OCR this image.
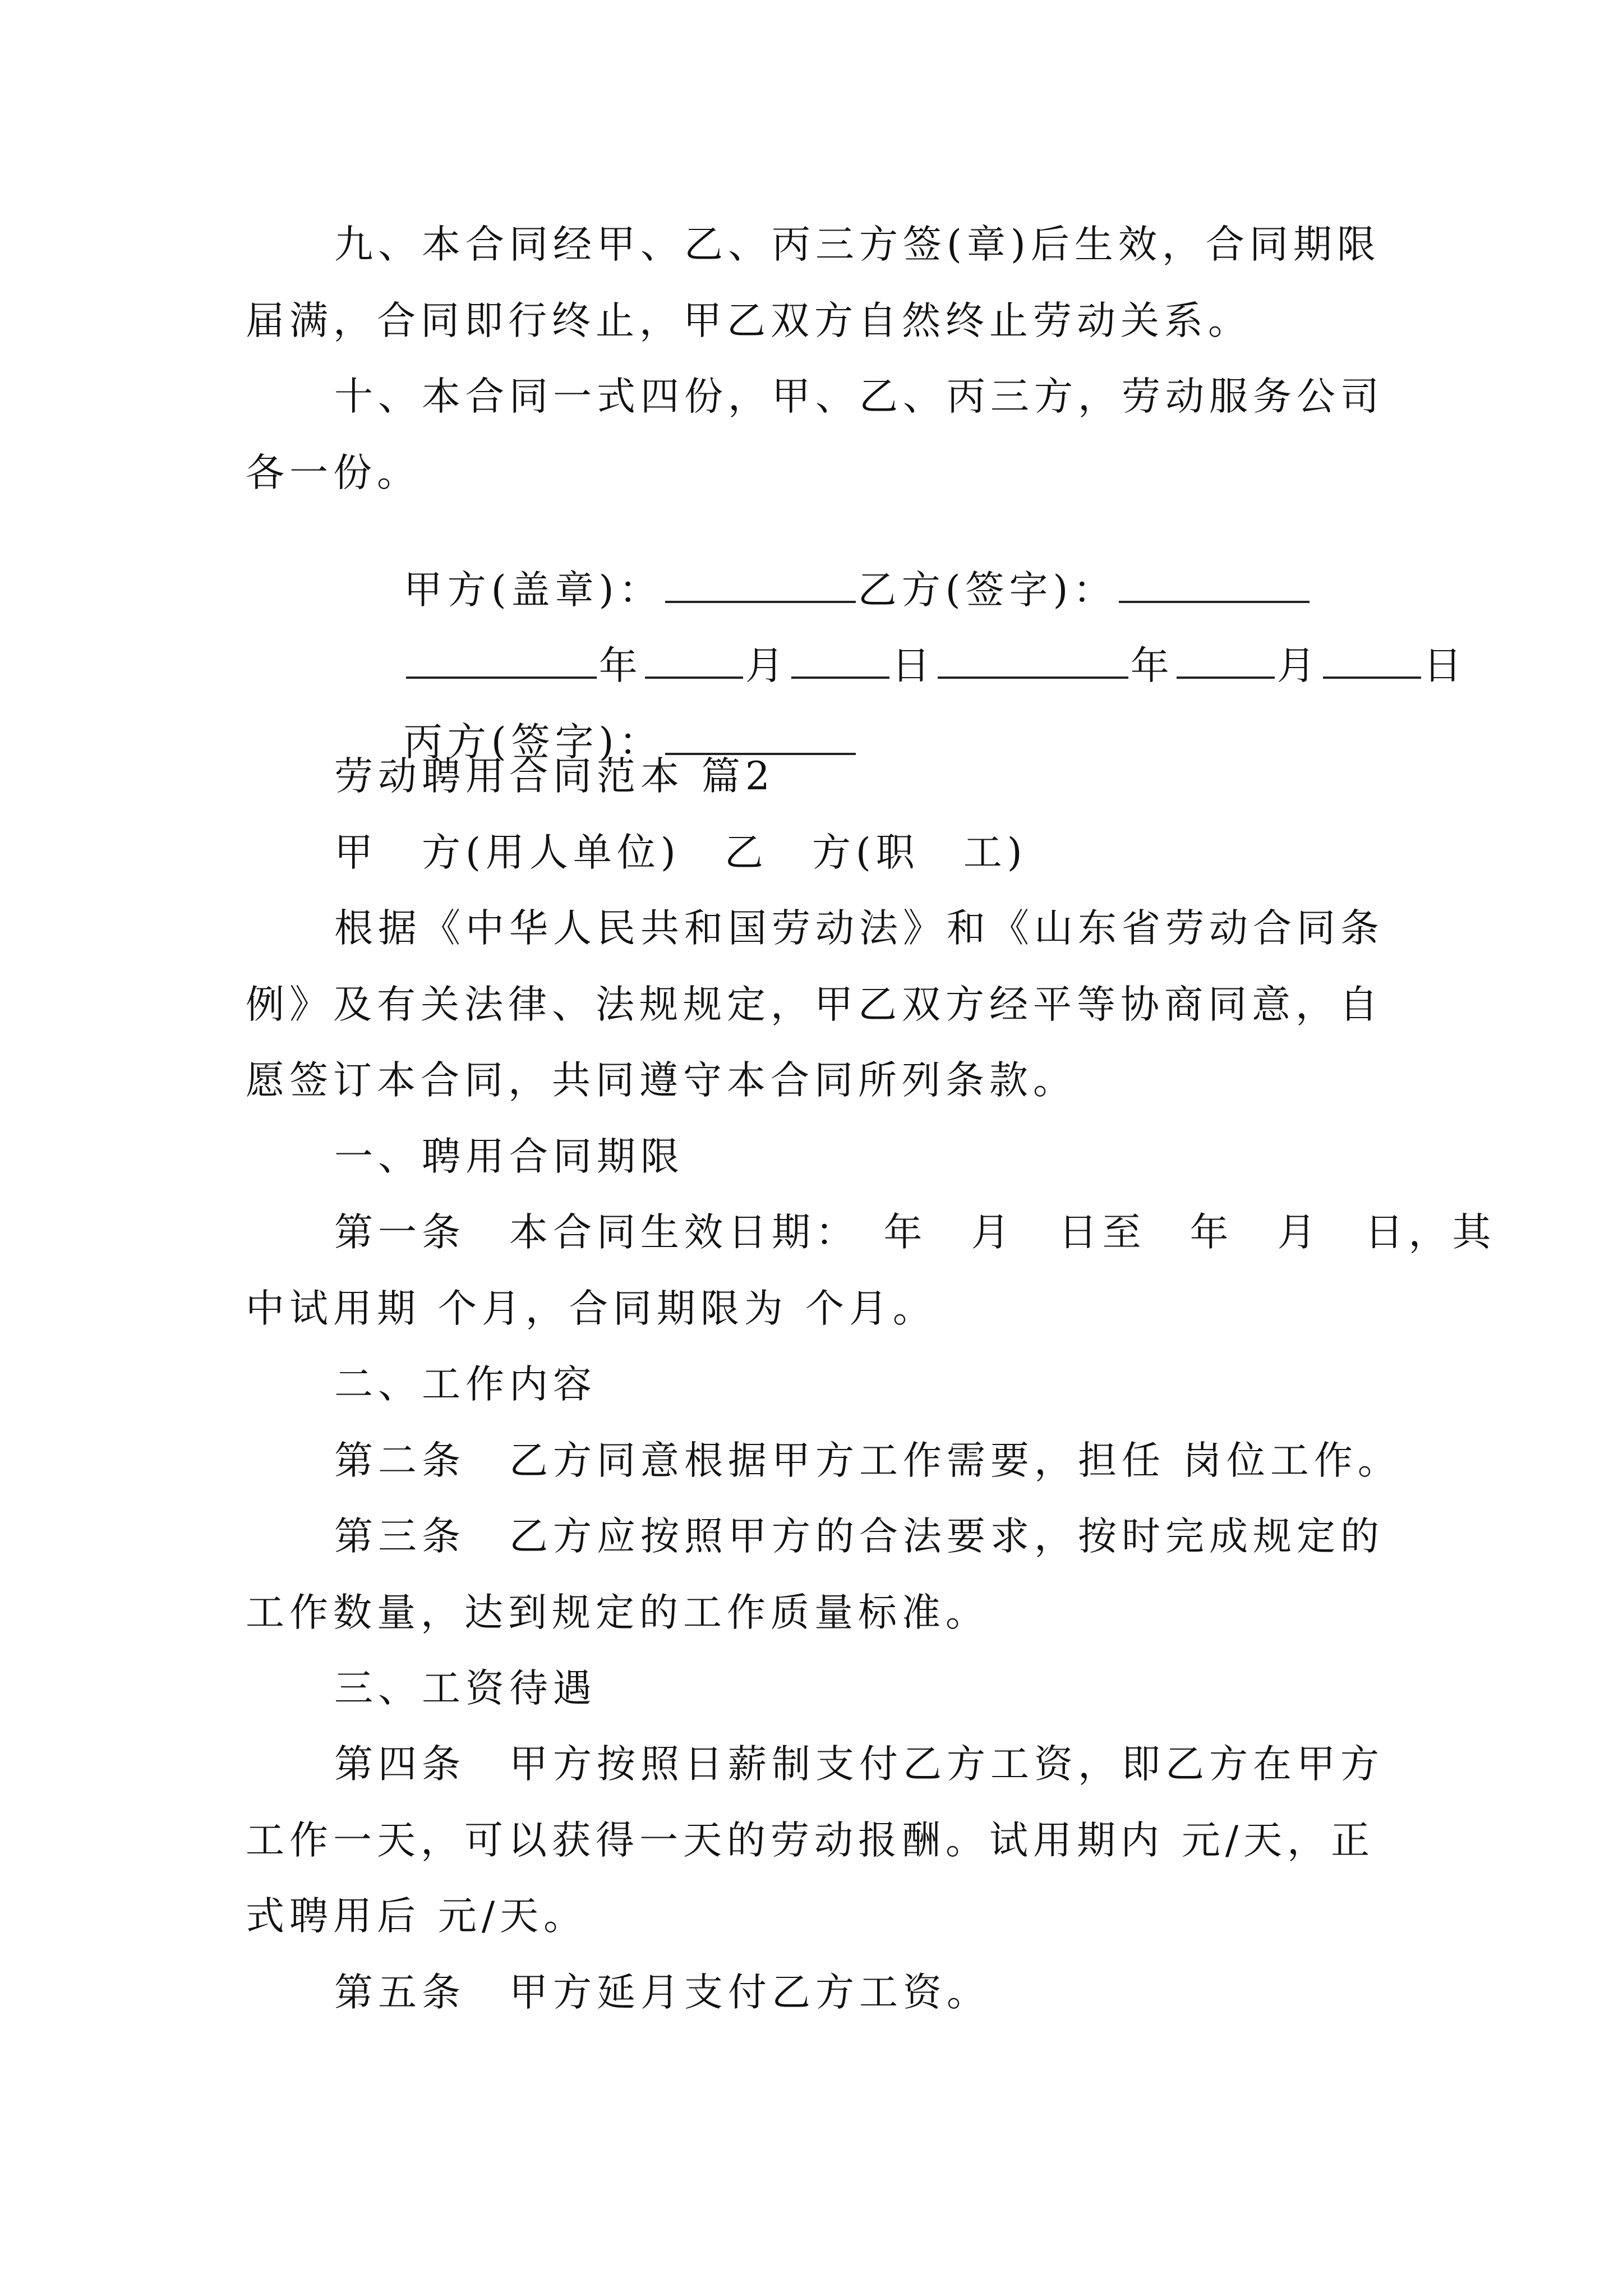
九、本合同经甲、乙、丙三方签(章)后生效，合同期限
届满，合同即行终止，甲乙双方自然终止劳动关系。
十、本合同一式四份，甲、乙、丙三方，劳动服务公司
各一份。

甲方(盖章)：	乙方(签字)：

年	月	日	年	月	日

丙方(签字)：

劳动聘用合同范本 篇2
甲　方(用人单位)　乙　方(职　工)
根据《中华人民共和国劳动法》和《山东省劳动合同条
例》及有关法律、法规规定，甲乙双方经平等协商同意，自
愿签订本合同，共同遵守本合同所列条款。
一、聘用合同期限
第一条　本合同生效日期：　年　月　日至　年　月　日，其
中试用期 个月，合同期限为 个月。
二、工作内容
第二条　乙方同意根据甲方工作需要，担任 岗位工作。
第三条　乙方应按照甲方的合法要求，按时完成规定的
工作数量，达到规定的工作质量标准。
三、工资待遇
第四条　甲方按照日薪制支付乙方工资，即乙方在甲方
工作一天，可以获得一天的劳动报酬。试用期内 元/天，正
式聘用后 元/天。
第五条　甲方延月支付乙方工资。
